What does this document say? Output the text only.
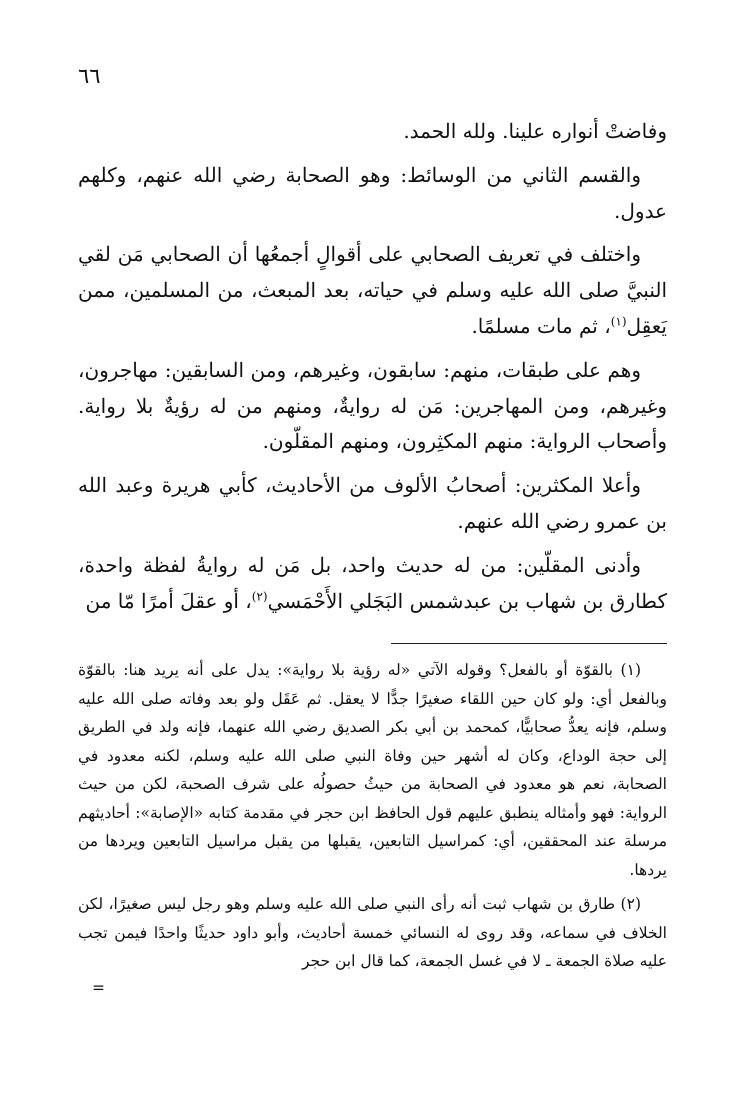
٦٦

وفاضتْ أنواره علينا. ولله الحمد.

والقسم الثاني من الوسائط: وهو الصحابة رضي الله عنهم، وكلهم عدول.

واختلف في تعريف الصحابي على أقوالٍ أجمعُها أن الصحابي مَن لقي النبيَّ صلى الله عليه وسلم في حياته، بعد المبعث، من المسلمين، ممن يَعقِل$^{(١)}$، ثم مات مسلمًا.

وهم على طبقات، منهم: سابقون، وغيرهم، ومن السابقين: مهاجرون، وغيرهم، ومن المهاجرين: مَن له روايةٌ، ومنهم من له رؤيةٌ بلا رواية. وأصحاب الرواية: منهم المكثِرون، ومنهم المقلّون.

وأعلا المكثرين: أصحابُ الألوف من الأحاديث، كأبي هريرة وعبد الله بن عمرو رضي الله عنهم.

وأدنى المقلّين: من له حديث واحد، بل مَن له روايةُ لفظة واحدة، كطارق بن شهاب بن عبدشمس البَجَلي الأَحْمَسي$^{(٢)}$، أو عقلَ أمرًا مّا من

(١) بالقوّة أو بالفعل؟ وقوله الآتي «له رؤية بلا رواية»: يدل على أنه يريد هنا: بالقوّة وبالفعل أي: ولو كان حين اللقاء صغيرًا جدًّا لا يعقل. ثم عَقَل ولو بعد وفاته صلى الله عليه وسلم، فإنه يعدُّ صحابيًّا، كمحمد بن أبي بكر الصديق رضي الله عنهما، فإنه ولد في الطريق إلى حجة الوداع، وكان له أشهر حين وفاة النبي صلى الله عليه وسلم، لكنه معدود في الصحابة، نعم هو معدود في الصحابة من حيثُ حصولُه على شرف الصحبة، لكن من حيث الرواية: فهو وأمثاله ينطبق عليهم قول الحافظ ابن حجر في مقدمة كتابه «الإصابة»: أحاديثهم مرسلة عند المحققين، أي: كمراسيل التابعين، يقبلها من يقبل مراسيل التابعين ويردها من يردها.

(٢) طارق بن شهاب ثبت أنه رأى النبي صلى الله عليه وسلم وهو رجل ليس صغيرًا، لكن الخلاف في سماعه، وقد روى له النسائي خمسة أحاديث، وأبو داود حديثًا واحدًا فيمن تجب عليه صلاة الجمعة ـ لا في غسل الجمعة، كما قال ابن حجر

=
